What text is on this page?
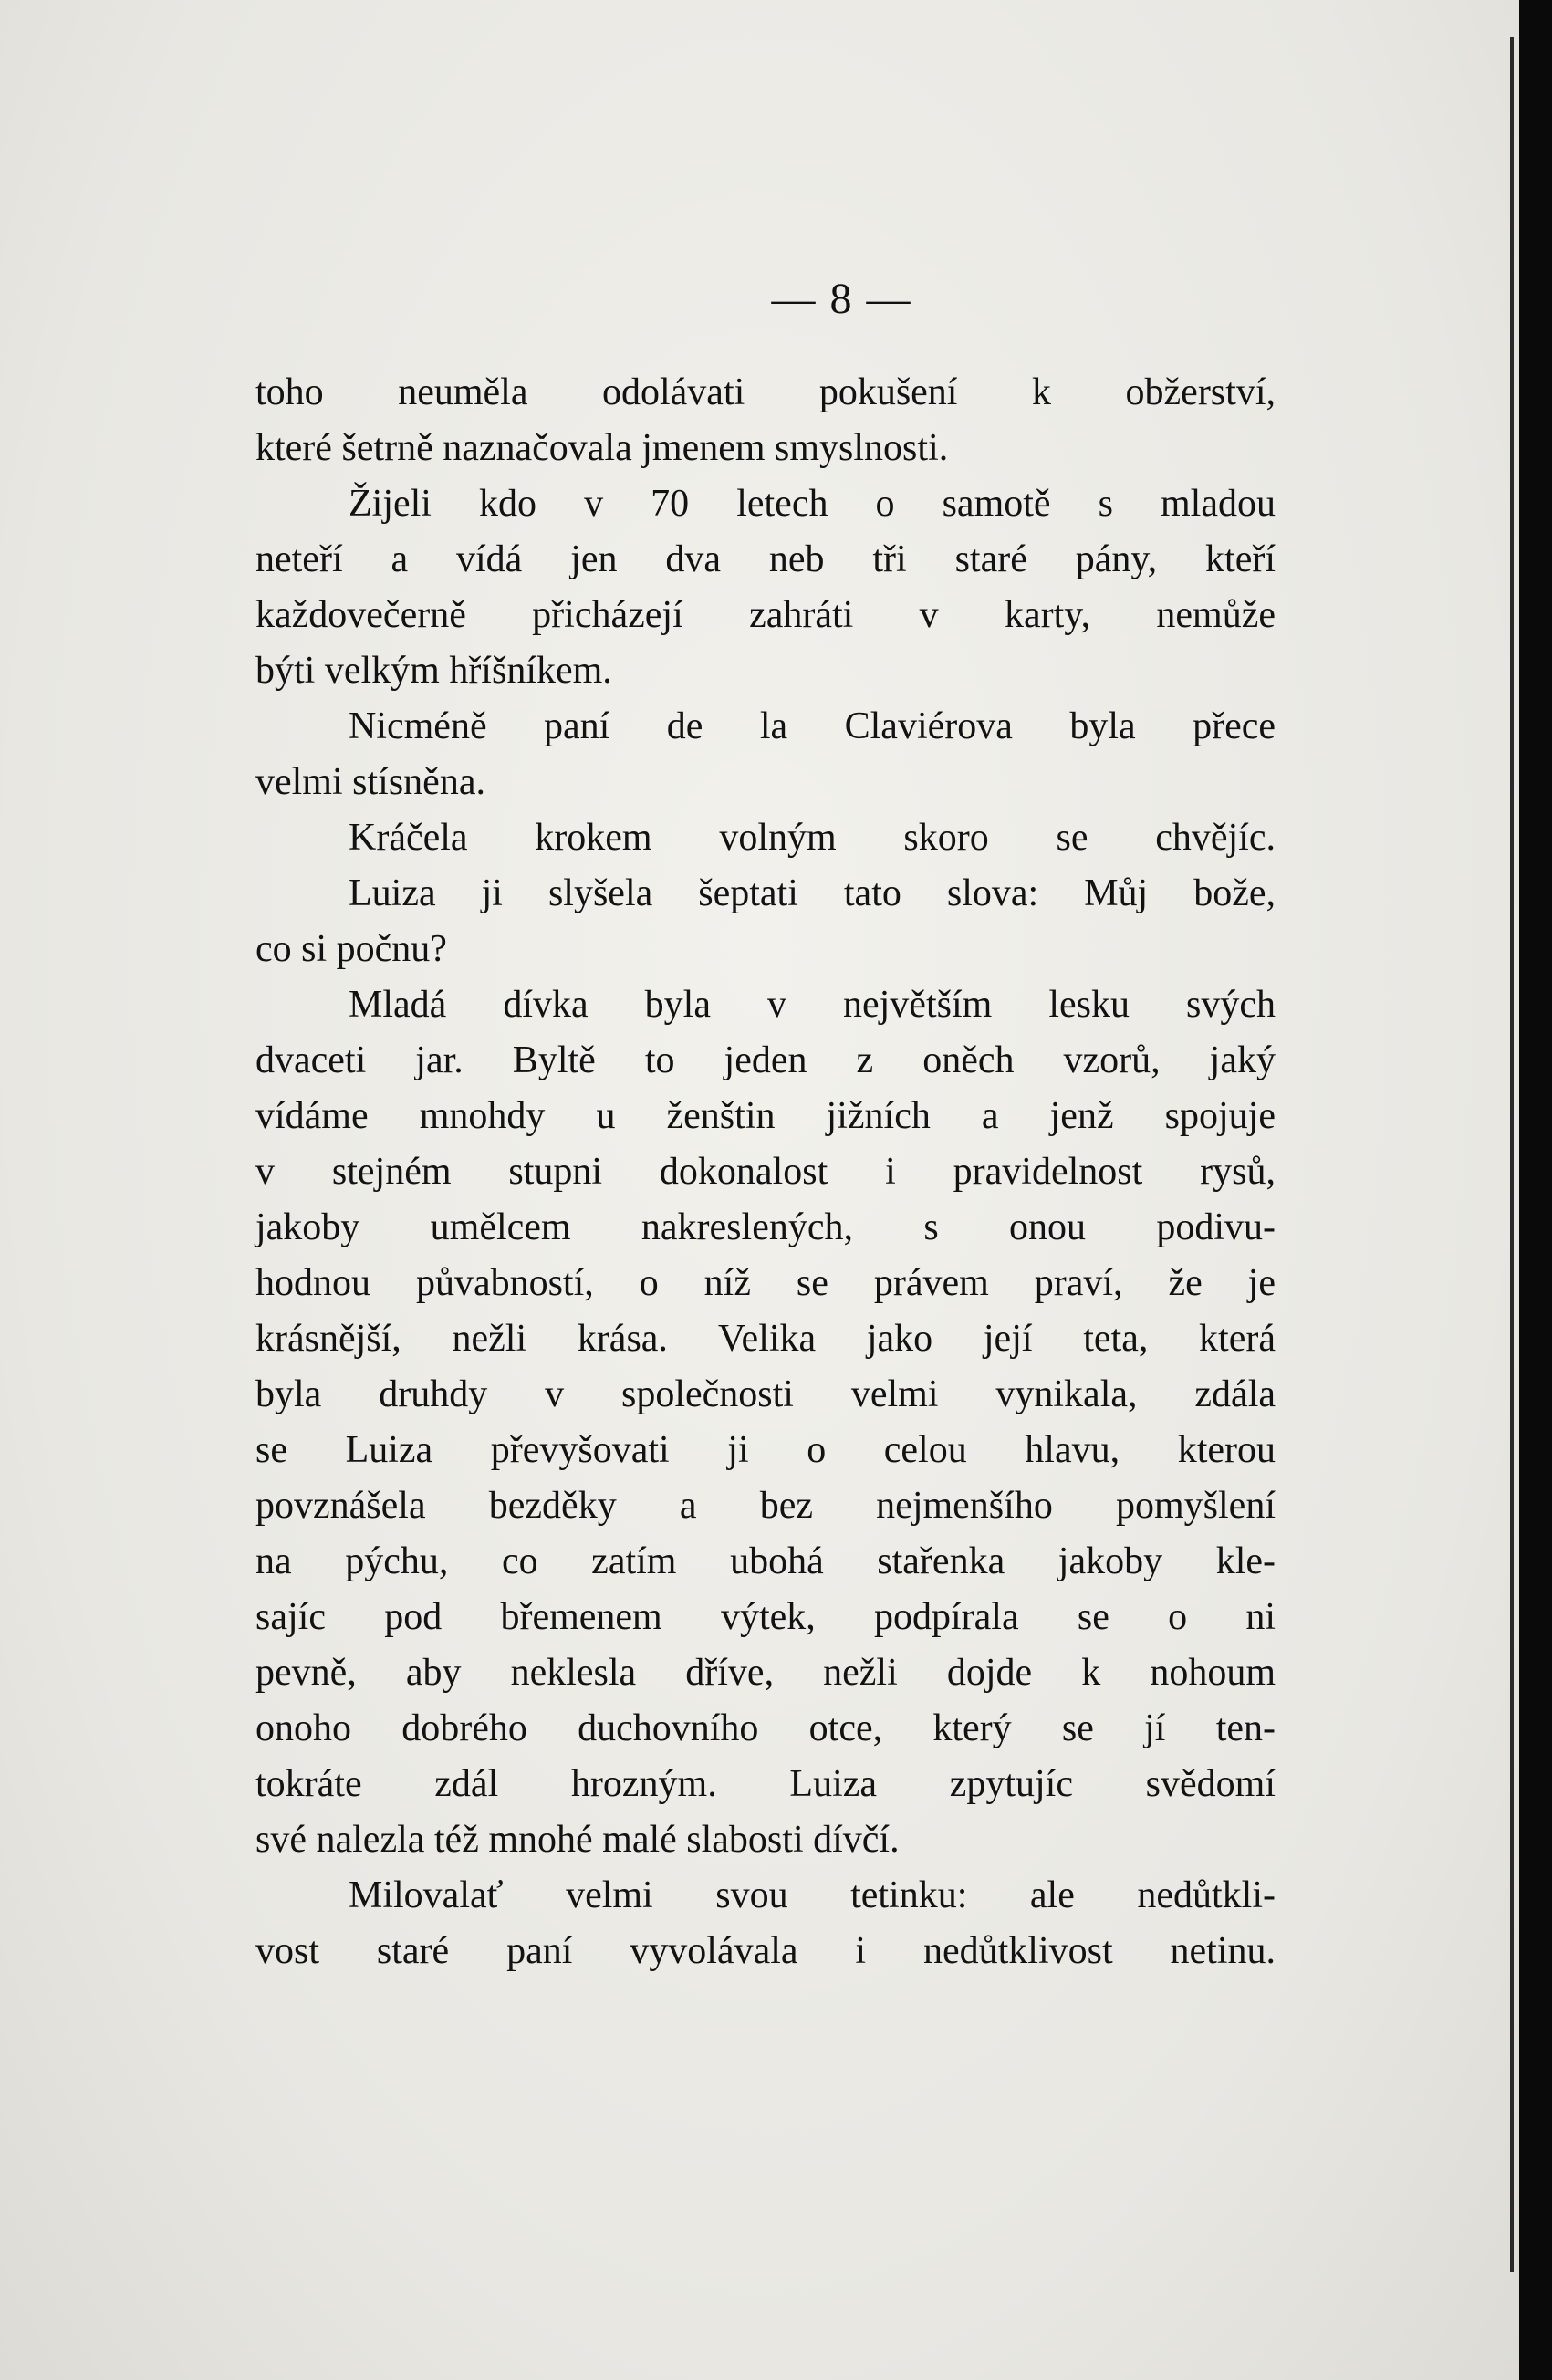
— 8 —
toho neuměla odolávati pokušení k obžerství,
které šetrně naznačovala jmenem smyslnosti.
Žijeli kdo v 70 letech o samotě s mladou
neteří a vídá jen dva neb tři staré pány, kteří
každovečerně přicházejí zahráti v karty, nemůže
býti velkým hříšníkem.
Nicméně paní de la Claviérova byla přece
velmi stísněna.
Kráčela krokem volným skoro se chvějíc.
Luiza ji slyšela šeptati tato slova: Můj bože,
co si počnu?
Mladá dívka byla v největším lesku svých
dvaceti jar. Byltě to jeden z oněch vzorů, jaký
vídáme mnohdy u ženštin jižních a jenž spojuje
v stejném stupni dokonalost i pravidelnost rysů,
jakoby umělcem nakreslených, s onou podivu-
hodnou půvabností, o níž se právem praví, že je
krásnější, nežli krása. Velika jako její teta, která
byla druhdy v společnosti velmi vynikala, zdála
se Luiza převyšovati ji o celou hlavu, kterou
povznášela bezděky a bez nejmenšího pomyšlení
na pýchu, co zatím ubohá stařenka jakoby kle-
sajíc pod břemenem výtek, podpírala se o ni
pevně, aby neklesla dříve, nežli dojde k nohoum
onoho dobrého duchovního otce, který se jí ten-
tokráte zdál hrozným. Luiza zpytujíc svědomí
své nalezla též mnohé malé slabosti dívčí.
Milovalať velmi svou tetinku: ale nedůtkli-
vost staré paní vyvolávala i nedůtklivost netinu.
